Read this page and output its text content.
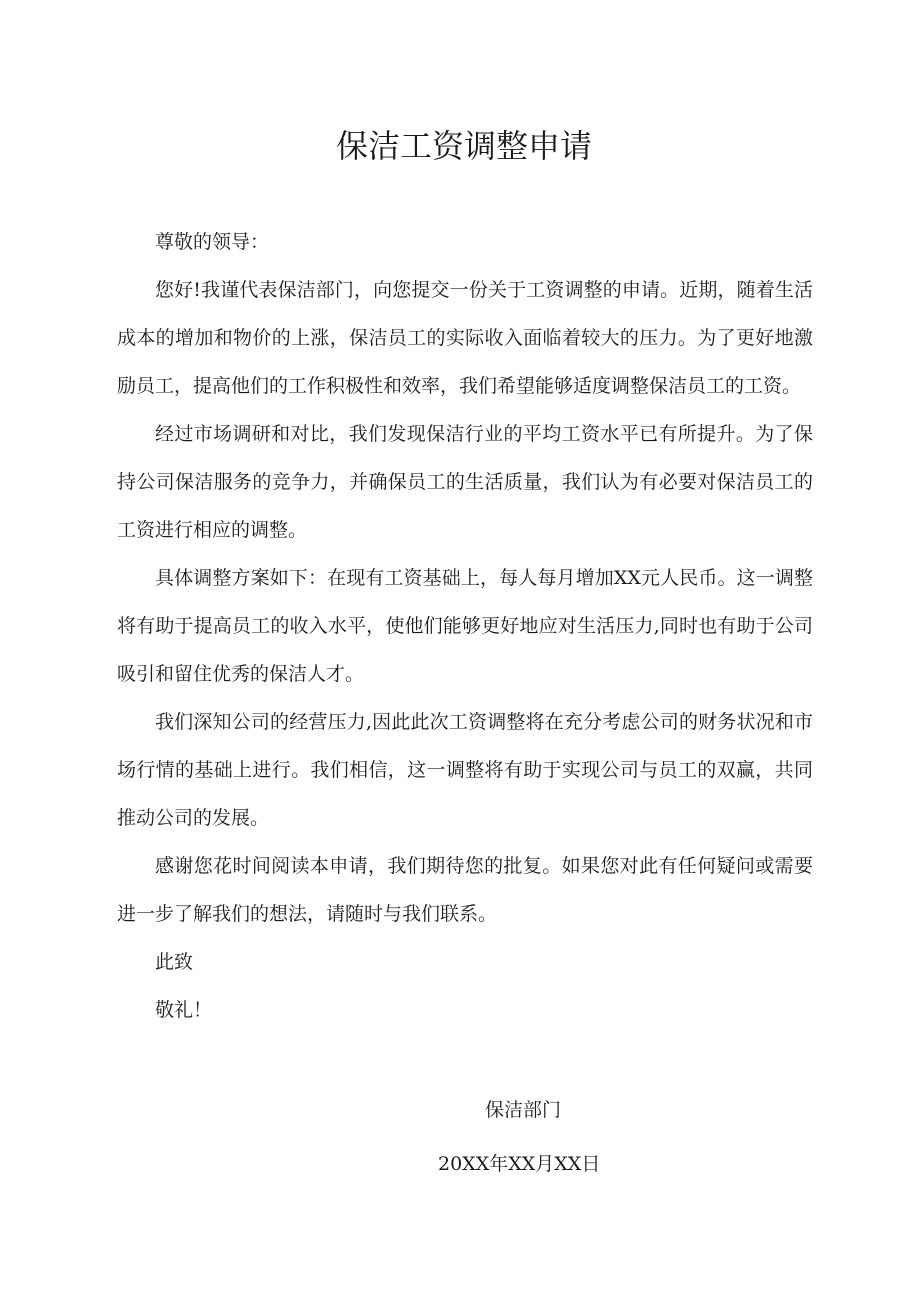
保洁工资调整申请

尊敬的领导：

您好!我谨代表保洁部门，向您提交一份关于工资调整的申请。近期，随着生活成本的增加和物价的上涨，保洁员工的实际收入面临着较大的压力。为了更好地激励员工，提高他们的工作积极性和效率，我们希望能够适度调整保洁员工的工资。

经过市场调研和对比，我们发现保洁行业的平均工资水平已有所提升。为了保持公司保洁服务的竞争力，并确保员工的生活质量，我们认为有必要对保洁员工的工资进行相应的调整。

具体调整方案如下：在现有工资基础上，每人每月增加XX元人民币。这一调整将有助于提高员工的收入水平，使他们能够更好地应对生活压力,同时也有助于公司吸引和留住优秀的保洁人才。

我们深知公司的经营压力,因此此次工资调整将在充分考虑公司的财务状况和市场行情的基础上进行。我们相信，这一调整将有助于实现公司与员工的双赢，共同推动公司的发展。

感谢您花时间阅读本申请，我们期待您的批复。如果您对此有任何疑问或需要进一步了解我们的想法，请随时与我们联系。

此致

敬礼！

保洁部门
20XX年XX月XX日
